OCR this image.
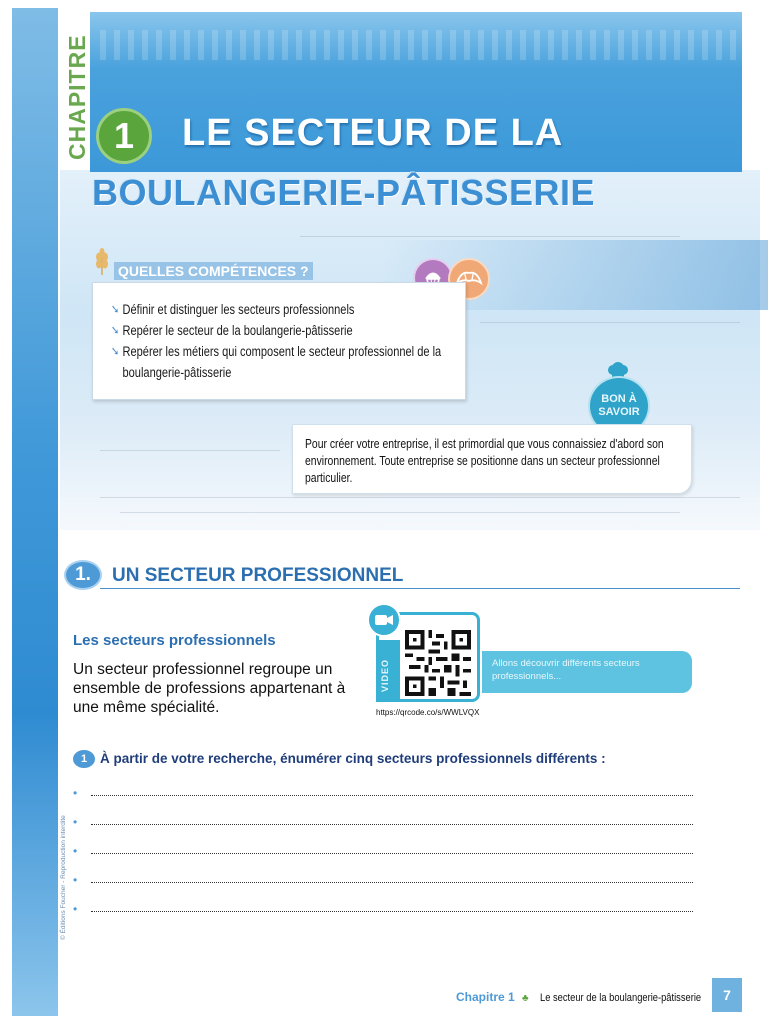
CHAPITRE 1	LE SECTEUR DE LA
BOULANGERIE-PÂTISSERIE
QUELLES COMPÉTENCES ?
➘ Définir et distinguer les secteurs professionnels
➘ Repérer le secteur de la boulangerie-pâtisserie
➘ Repérer les métiers qui composent le secteur professionnel de la boulangerie-pâtisserie
BON À
SAVOIR
Pour créer votre entreprise, il est primordial que vous connaissiez d'abord son environnement. Toute entreprise se positionne dans un secteur professionnel particulier.
1.	UN SECTEUR PROFESSIONNEL
Les secteurs professionnels
Un secteur professionnel regroupe un ensemble de professions appartenant à une même spécialité.
VIDEO	Allons découvrir différents secteurs professionnels...
https://qrcode.co/s/WWLVQX
1 À partir de votre recherche, énumérer cinq secteurs professionnels différents :
•
•
•
•
•
© Éditions Foucher - Reproduction interdite
Chapitre 1 ♣ Le secteur de la boulangerie-pâtisserie	7
